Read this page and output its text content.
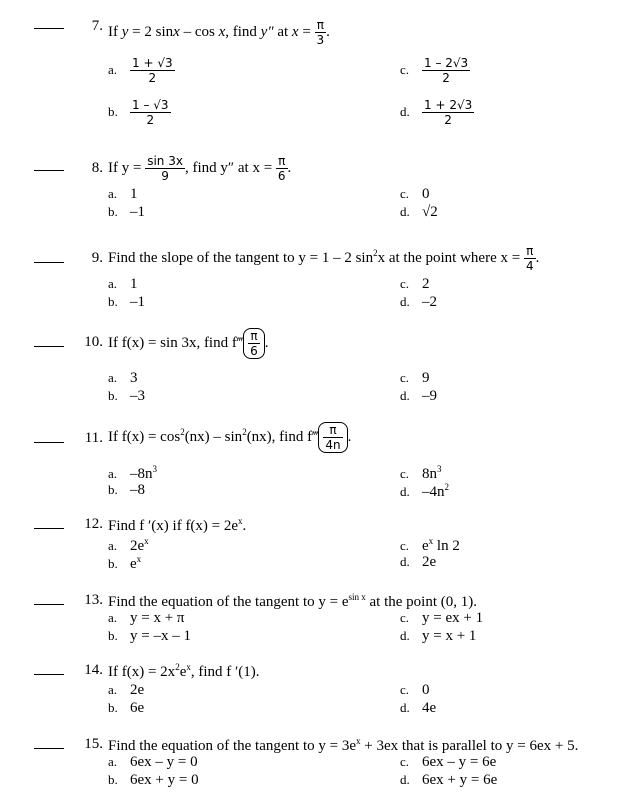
7. If y = 2 sinx – cos x, find y″ at $x = \frac{\pi}{3}$ .
a. $\frac{1 + √3}{2}$
b. $\frac{1 - √3}{2}$
c. $\frac{1 - 2√3}{2}$
d. $\frac{1 + 2√3}{2}$
8. If $y = \frac{\sin 3x}{9}$ , find y″ at $x = \frac{\pi}{6}$ .
a. 1
b. –1
c. 0
d. √2
9. Find the slope of the tangent to y = 1 – 2 $\sin^2x$ at the point where $x = \frac{\pi}{4}$ .
a. 1
b. –1
c. 2
d. –2
10. If f(x) = sin 3x, find f‴ $\frac{\pi}{6}$ .
a. 3
b. –3
c. 9
d. –9
11. If $f(x) = \cos^2(nx) - \sin^2(nx)$, find f‴ $\frac{\pi}{4n}$ .
a. $-8n^3$
b. –8
c. $8n^3$
d. $-4n^2$
12. Find f ′(x) if $f(x) = 2e^x$.
a. $2e^x$
b. $e^x$
c. $e^x$ ln 2
d. 2e
13. Find the equation of the tangent to $y = e^{sin x}$ at the point (0, 1).
a. y = x + π
b. y = –x – 1
c. y = ex + 1
d. y = x + 1
14. If $f(x) = 2x^2e^x$, find f ′(1).
a. 2e
b. 6e
c. 0
d. 4e
15. Find the equation of the tangent to $y = 3e^x + 3ex$ that is parallel to y = 6ex + 5.
a. 6ex – y = 0
b. 6ex + y = 0
c. 6ex – y = 6e
d. 6ex + y = 6e
